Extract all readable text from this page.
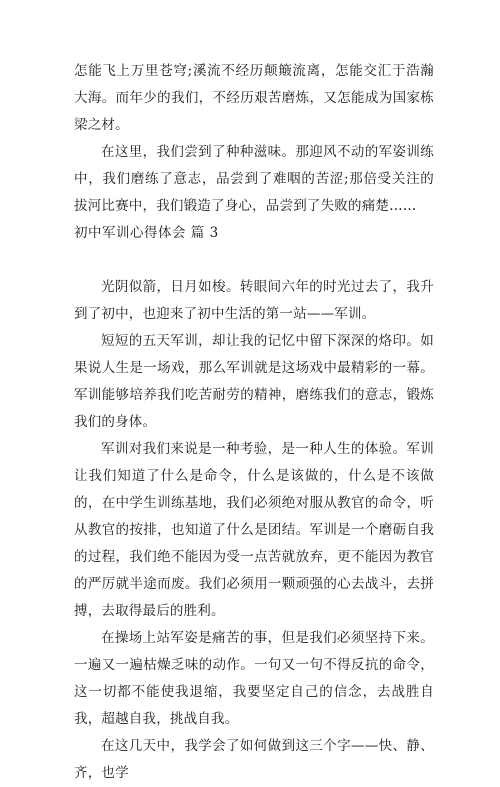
怎能飞上万里苍穹;溪流不经历颠簸流离，怎能交汇于浩瀚大海。而年少的我们，不经历艰苦磨炼，又怎能成为国家栋梁之材。

在这里，我们尝到了种种滋味。那迎风不动的军姿训练中，我们磨练了意志，品尝到了难咽的苦涩;那倍受关注的拔河比赛中，我们锻造了身心，品尝到了失败的痛楚……

初中军训心得体会 篇 3

光阴似箭，日月如梭。转眼间六年的时光过去了，我升到了初中，也迎来了初中生活的第一站——军训。

短短的五天军训，却让我的记忆中留下深深的烙印。如果说人生是一场戏，那么军训就是这场戏中最精彩的一幕。军训能够培养我们吃苦耐劳的精神，磨练我们的意志，锻炼我们的身体。

军训对我们来说是一种考验，是一种人生的体验。军训让我们知道了什么是命令，什么是该做的，什么是不该做的，在中学生训练基地，我们必须绝对服从教官的命令，听从教官的按排，也知道了什么是团结。军训是一个磨砺自我的过程，我们绝不能因为受一点苦就放弃，更不能因为教官的严厉就半途而废。我们必须用一颗顽强的心去战斗，去拼搏，去取得最后的胜利。

在操场上站军姿是痛苦的事，但是我们必须坚持下来。一遍又一遍枯燥乏味的动作。一句又一句不得反抗的命令，这一切都不能使我退缩，我要坚定自己的信念，去战胜自我，超越自我，挑战自我。

在这几天中，我学会了如何做到这三个字——快、静、齐，也学
